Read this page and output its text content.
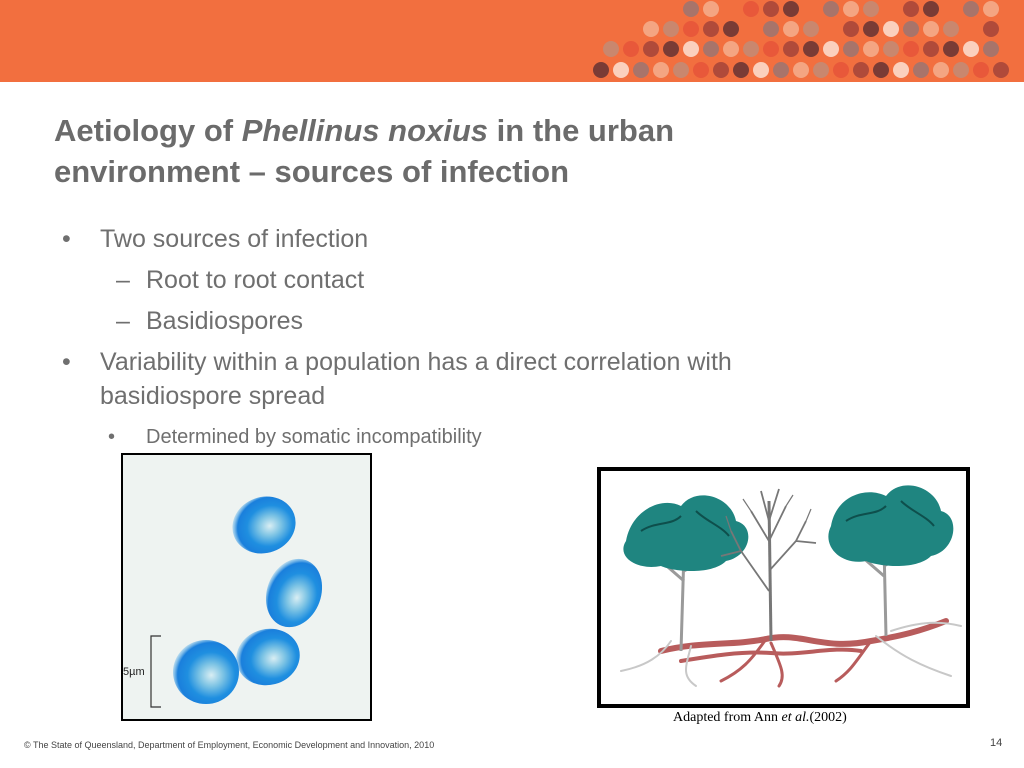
Aetiology of Phellinus noxius in the urban
environment – sources of infection
• Two sources of infection
– Root to root contact
– Basidiospores
• Variability within a population has a direct correlation with
basidiospore spread
• Determined by somatic incompatibility
5µm
Adapted from Ann et al.(2002)
© The State of Queensland, Department of Employment, Economic Development and Innovation, 2010	14
